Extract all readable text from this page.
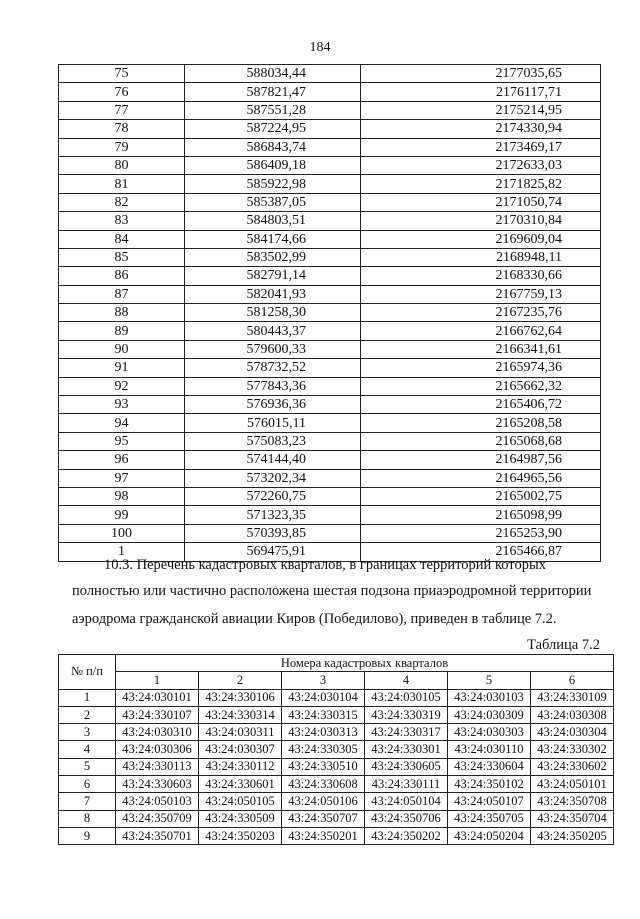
184
75	588034,44	2177035,65
76	587821,47	2176117,71
77	587551,28	2175214,95
78	587224,95	2174330,94
79	586843,74	2173469,17
80	586409,18	2172633,03
81	585922,98	2171825,82
82	585387,05	2171050,74
83	584803,51	2170310,84
84	584174,66	2169609,04
85	583502,99	2168948,11
86	582791,14	2168330,66
87	582041,93	2167759,13
88	581258,30	2167235,76
89	580443,37	2166762,64
90	579600,33	2166341,61
91	578732,52	2165974,36
92	577843,36	2165662,32
93	576936,36	2165406,72
94	576015,11	2165208,58
95	575083,23	2165068,68
96	574144,40	2164987,56
97	573202,34	2164965,56
98	572260,75	2165002,75
99	571323,35	2165098,99
100	570393,85	2165253,90
1	569475,91	2165466,87
10.3. Перечень кадастровых кварталов, в границах территорий которых
полностью или частично расположена шестая подзона приаэродромной территории
аэродрома гражданской авиации Киров (Победилово), приведен в таблице 7.2.
Таблица 7.2
№ п/п	Номера кадастровых кварталов					
	1	2	3	4	5	6
1	43:24:030101	43:24:330106	43:24:030104	43:24:030105	43:24:030103	43:24:330109
2	43:24:330107	43:24:330314	43:24:330315	43:24:330319	43:24:030309	43:24:030308
3	43:24:030310	43:24:030311	43:24:030313	43:24:330317	43:24:030303	43:24:030304
4	43:24:030306	43:24:030307	43:24:330305	43:24:330301	43:24:030110	43:24:330302
5	43:24:330113	43:24:330112	43:24:330510	43:24:330605	43:24:330604	43:24:330602
6	43:24:330603	43:24:330601	43:24:330608	43:24:330111	43:24:350102	43:24:050101
7	43:24:050103	43:24:050105	43:24:050106	43:24:050104	43:24:050107	43:24:350708
8	43:24:350709	43:24:330509	43:24:350707	43:24:350706	43:24:350705	43:24:350704
9	43:24:350701	43:24:350203	43:24:350201	43:24:350202	43:24:050204	43:24:350205
